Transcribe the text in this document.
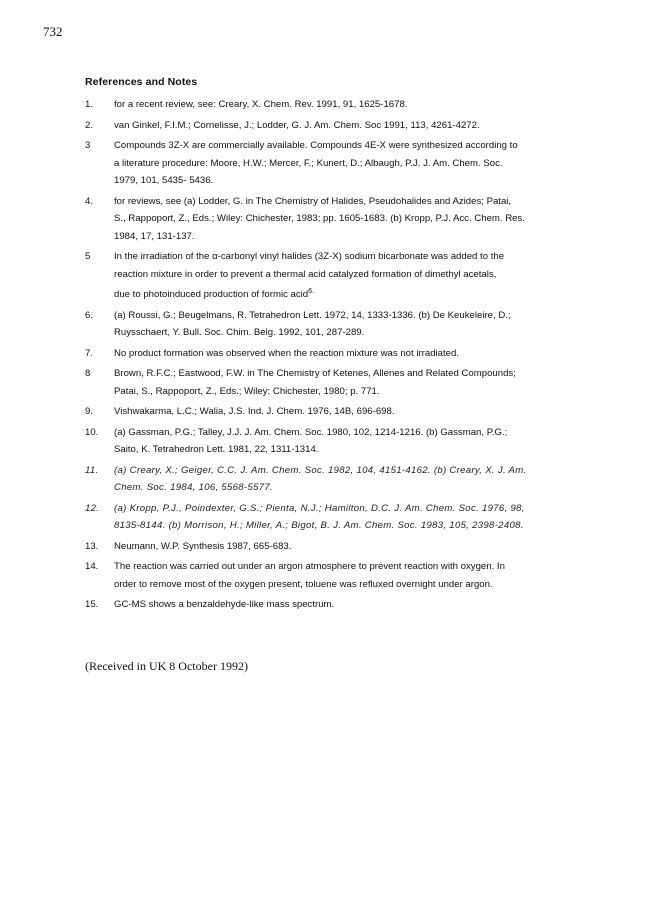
732
References and Notes
1.	for a recent review, see: Creary, X. Chem. Rev. 1991, 91, 1625-1678.
2.	van Ginkel, F.I.M.; Cornelisse, J.; Lodder, G. J. Am. Chem. Soc 1991, 113, 4261-4272.
3	Compounds 3Z-X are commercially available. Compounds 4E-X were synthesized according to
a literature procedure: Moore, H.W.; Mercer, F.; Kunert, D.; Albaugh, P.J. J. Am. Chem. Soc.
1979, 101, 5435- 5436.
4.	for reviews, see (a) Lodder, G. in The Chemistry of Halides, Pseudohalides and Azides; Patai,
S., Rappoport, Z., Eds.; Wiley: Chichester, 1983; pp. 1605-1683. (b) Kropp, P.J. Acc. Chem. Res.
1984, 17, 131-137.
5	In the irradiation of the α-carbonyl vinyl halides (3Z-X) sodium bicarbonate was added to the
reaction mixture in order to prevent a thermal acid catalyzed formation of dimethyl acetals,
due to photoinduced production of formic acid$^{6.}$
6.	(a) Roussi, G.; Beugelmans, R. Tetrahedron Lett. 1972, 14, 1333-1336. (b) De Keukeleire, D.;
Ruysschaert, Y. Bull. Soc. Chim. Belg. 1992, 101, 287-289.
7.	No product formation was observed when the reaction mixture was not irradiated.
8	Brown, R.F.C.; Eastwood, F.W. in The Chemistry of Ketenes, Allenes and Related Compounds;
Patai, S., Rappoport, Z., Eds.; Wiley: Chichester, 1980; p. 771.
9.	Vishwakarma, L.C.; Walia, J.S. Ind. J. Chem. 1976, 14B, 696-698.
10.	(a) Gassman, P.G.; Talley, J.J. J. Am. Chem. Soc. 1980, 102, 1214-1216. (b) Gassman, P.G.;
Saito, K. Tetrahedron Lett. 1981, 22, 1311-1314.
11.	(a) Creary, X.; Geiger, C.C. J. Am. Chem. Soc. 1982, 104, 4151-4162. (b) Creary, X. J. Am.
Chem. Soc. 1984, 106, 5568-5577.
12.	(a) Kropp, P.J., Poindexter, G.S.; Pienta, N.J.; Hamilton, D.C. J. Am. Chem. Soc. 1976, 98,
8135-8144. (b) Morrison, H.; Miller, A.; Bigot, B. J. Am. Chem. Soc. 1983, 105, 2398-2408.
13.	Neumann, W.P. Synthesis 1987, 665-683.
14.	The reaction was carried out under an argon atmosphere to prevent reaction with oxygen. In
order to remove most of the oxygen present, toluene was refluxed overnight under argon.
15.	GC-MS shows a benzaldehyde-like mass spectrum.
(Received in UK 8 October 1992)
